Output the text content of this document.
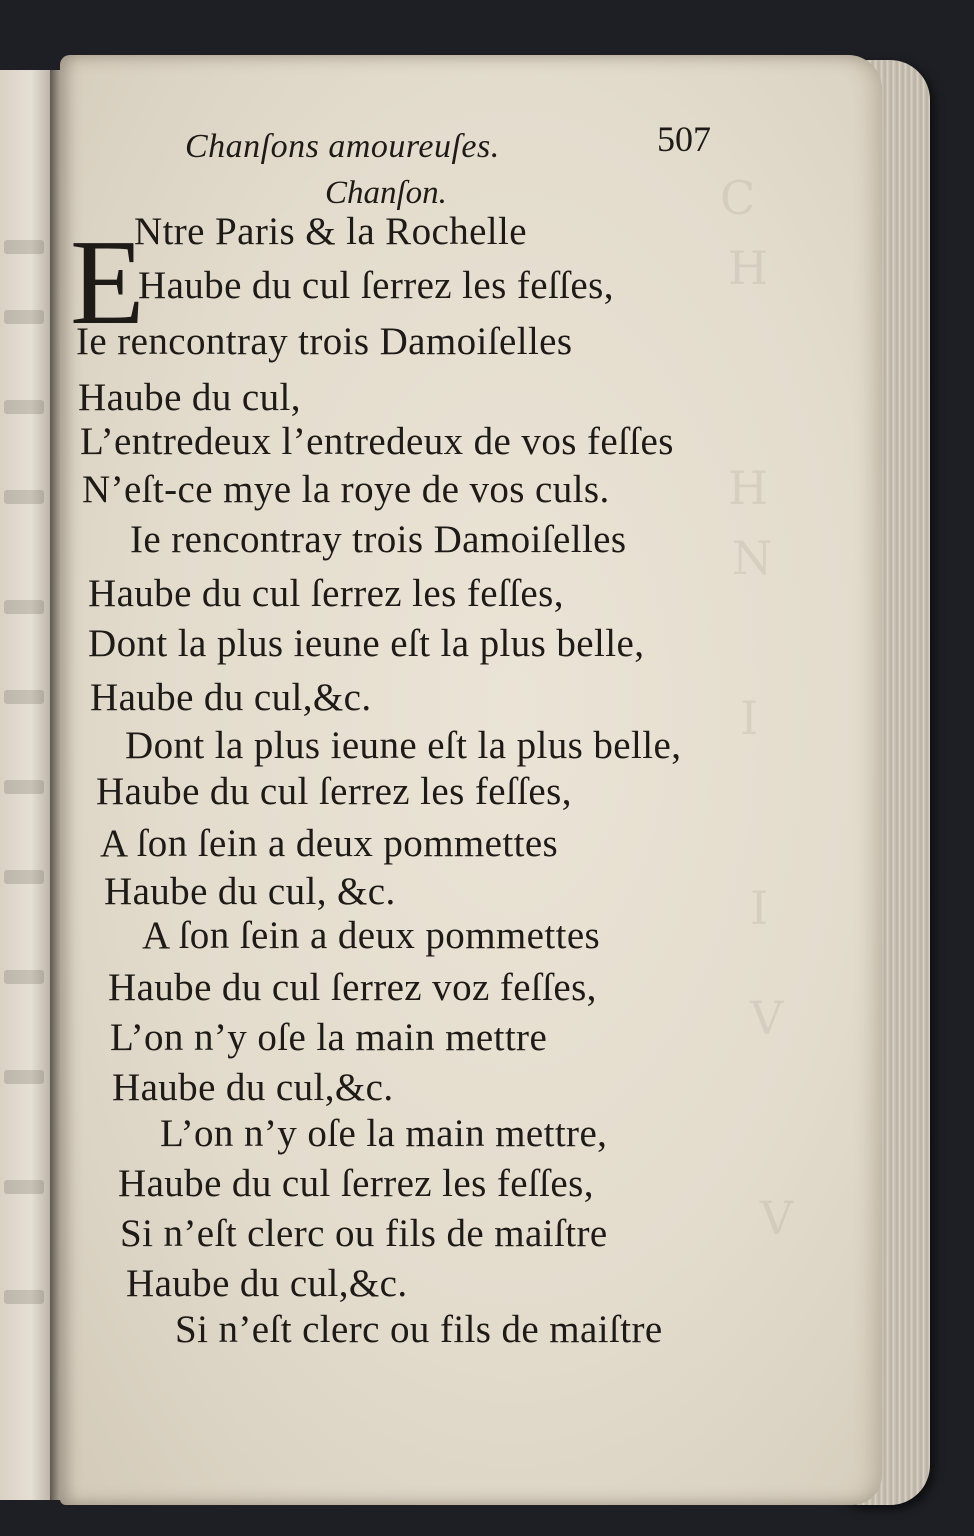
C
H
H
N
I
I
V
V
Chanſons amoureuſes.	507
Chanſon.
E
Ntre Paris & la Rochelle
Haube du cul ſerrez les feſſes,
Ie rencontray trois Damoiſelles
Haube du cul,
L’entredeux l’entredeux de vos feſſes
N’eſt-ce mye la roye de vos culs.
Ie rencontray trois Damoiſelles
Haube du cul ſerrez les feſſes,
Dont la plus ieune eſt la plus belle,
Haube du cul,&c.
Dont la plus ieune eſt la plus belle,
Haube du cul ſerrez les feſſes,
A ſon ſein a deux pommettes
Haube du cul, &c.
A ſon ſein a deux pommettes
Haube du cul ſerrez voz feſſes,
L’on n’y oſe la main mettre
Haube du cul,&c.
L’on n’y oſe la main mettre,
Haube du cul ſerrez les feſſes,
Si n’eſt clerc ou fils de maiſtre
Haube du cul,&c.
Si n’eſt clerc ou fils de maiſtre
